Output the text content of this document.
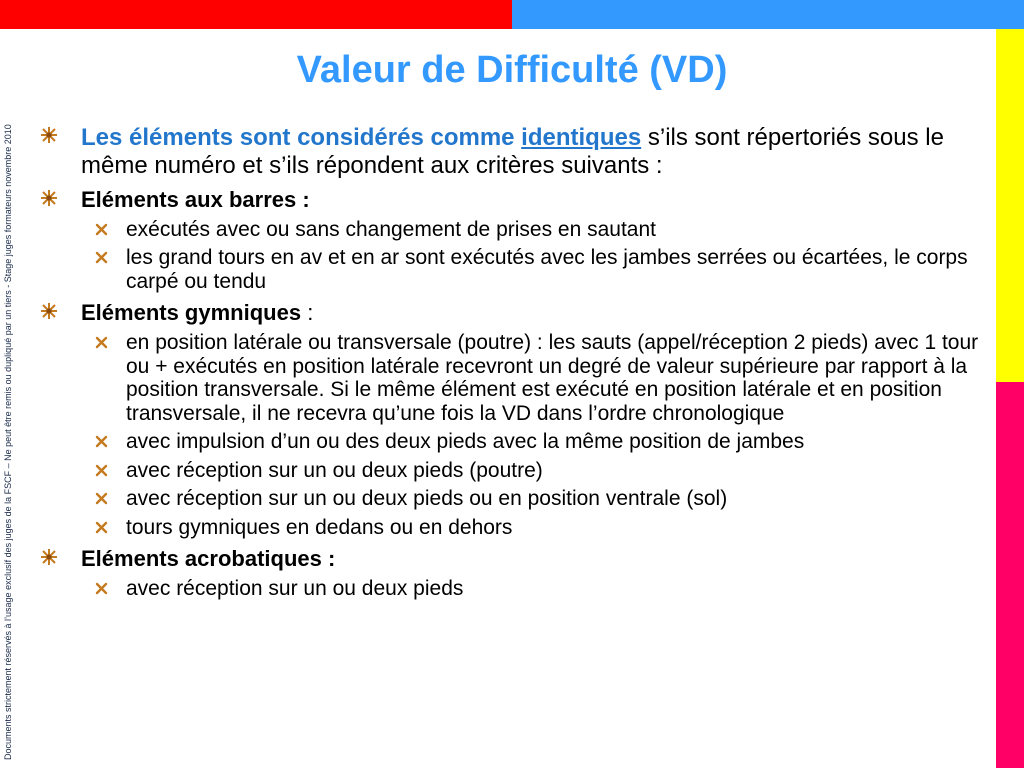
Documents strictement réservés à l’usage exclusif des juges de la FSCF – Ne peut être remis ou dupliqué par un tiers - Stage juges formateurs novembre 2010
Valeur de Difficulté (VD)
Les éléments sont considérés comme identiques s’ils sont répertoriés sous le même numéro et s’ils répondent aux critères suivants :
Eléments aux barres :
exécutés avec ou sans changement de prises en sautant
les grand tours en av et en ar sont exécutés avec les jambes serrées ou écartées, le corps carpé ou tendu
Eléments gymniques :
en position latérale ou transversale (poutre) : les sauts (appel/réception 2 pieds) avec 1 tour ou + exécutés en position latérale recevront un degré de valeur supérieure par rapport à la position transversale. Si le même élément est exécuté en position latérale et en position transversale, il ne recevra qu’une fois la VD dans l’ordre chronologique
avec impulsion d’un ou des deux pieds avec la même position de jambes
avec réception sur un ou deux pieds (poutre)
avec réception sur un ou deux pieds ou en position ventrale (sol)
tours gymniques en dedans ou en dehors
Eléments acrobatiques :
avec réception sur un ou deux pieds
